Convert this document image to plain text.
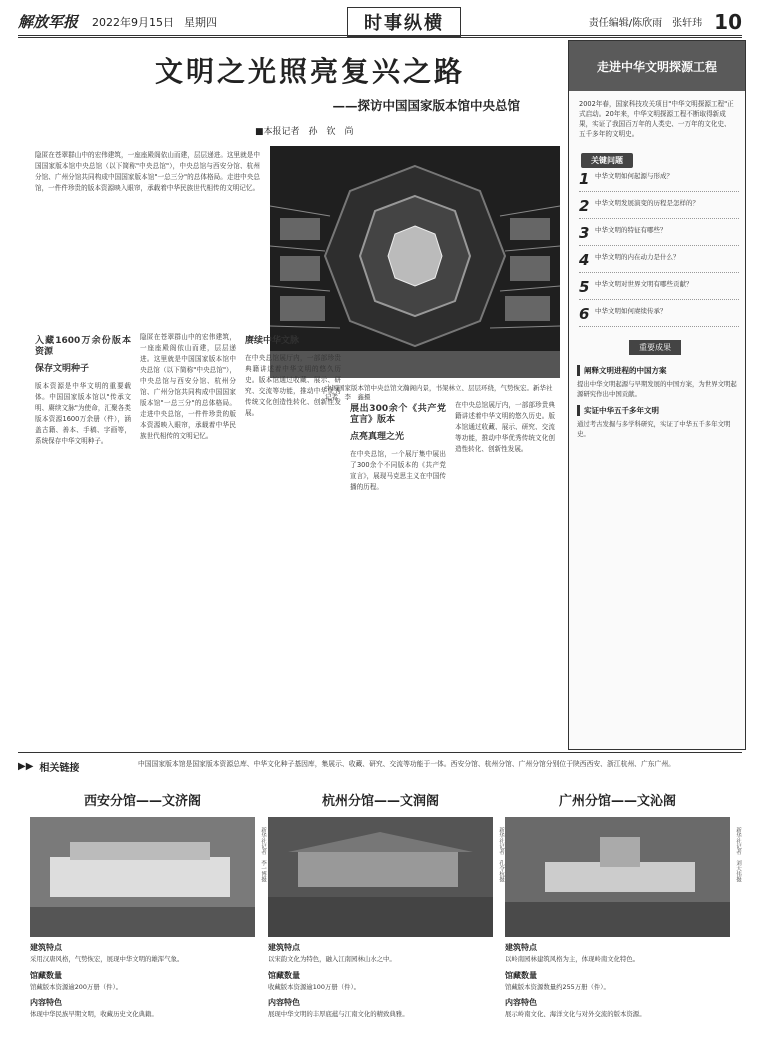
解放军报 2022年9月15日 星期四	时事纵横	责任编辑/陈欣雨　张轩玮 10
文明之光照亮复兴之路
——探访中国国家版本馆中央总馆
■本报记者　孙　钦　尚
隐匿在苍翠群山中的宏伟建筑，一座座殿阁依山而建，层层递进。这里就是中国国家版本馆中央总馆（以下简称"中央总馆"），中央总馆与西安分馆、杭州分馆、广州分馆共同构成中国国家版本馆"一总三分"的总体格局。走进中央总馆，一件件珍贵的版本资源映入眼帘，承载着中华民族世代相传的文明记忆。
中国国家版本馆中央总馆文瀚阁内景，书架林立、层层环绕，气势恢宏。新华社记者　李　鑫摄
入藏1600万余份版本资源
保存文明种子
版本资源是中华文明的重要载体。中国国家版本馆以"传承文明、赓续文脉"为使命，汇聚各类版本资源1600万余册（件），涵盖古籍、善本、手稿、字画等，系统保存中华文明种子。
隐匿在苍翠群山中的宏伟建筑，一座座殿阁依山而建，层层递进。这里就是中国国家版本馆中央总馆（以下简称"中央总馆"），中央总馆与西安分馆、杭州分馆、广州分馆共同构成中国国家版本馆"一总三分"的总体格局。走进中央总馆，一件件珍贵的版本资源映入眼帘，承载着中华民族世代相传的文明记忆。
赓续中华文脉
在中央总馆展厅内，一部部珍贵典籍讲述着中华文明的悠久历史。版本馆通过收藏、展示、研究、交流等功能，推动中华优秀传统文化创造性转化、创新性发展。	展出300余个《共产党宣言》版本
点亮真理之光
在中央总馆，一个展厅集中展出了300余个不同版本的《共产党宣言》，展现马克思主义在中国传播的历程。
在中央总馆展厅内，一部部珍贵典籍讲述着中华文明的悠久历史。版本馆通过收藏、展示、研究、交流等功能，推动中华优秀传统文化创造性转化、创新性发展。
走进中华文明探源工程
2002年春，国家科技攻关项目"中华文明探源工程"正式启动。20年来，中华文明探源工程不断取得新成果，实证了我国百万年的人类史、一万年的文化史、五千多年的文明史。
关键问题
1 中华文明如何起源与形成？
2 中华文明发展演变的历程是怎样的？
3 中华文明的特征有哪些？
4 中华文明的内在动力是什么？
5 中华文明对世界文明有哪些贡献？
6 中华文明如何赓续传承？
重要成果
阐释文明进程的中国方案
提出中华文明起源与早期发展的中国方案，为世界文明起源研究作出中国贡献。
实证中华五千多年文明
通过考古发掘与多学科研究，实证了中华五千多年文明史。
▶▶ 相关链接	中国国家版本馆是国家版本资源总库、中华文化种子基因库，集展示、收藏、研究、交流等功能于一体。西安分馆、杭州分馆、广州分馆分别位于陕西西安、浙江杭州、广东广州。
西安分馆——文济阁
新华社记者　李一博摄
建筑特点
采用汉唐风格，气势恢宏，展现中华文明的雄浑气象。
馆藏数量
馆藏版本资源逾200万册（件）。
内容特色
体现中华民族早期文明，收藏历史文化典籍。
杭州分馆——文润阁
新华社记者　孔令杭摄
建筑特点
以宋韵文化为特色，融入江南园林山水之中。
馆藏数量
收藏版本资源逾100万册（件）。
内容特色
展现中华文明的丰厚底蕴与江南文化的精致典雅。
广州分馆——文沁阁
新华社记者　刘大伟摄
建筑特点
以岭南园林建筑风格为主，体现岭南文化特色。
馆藏数量
馆藏版本资源数量约255万册（件）。
内容特色
展示岭南文化、海洋文化与对外交流的版本资源。
